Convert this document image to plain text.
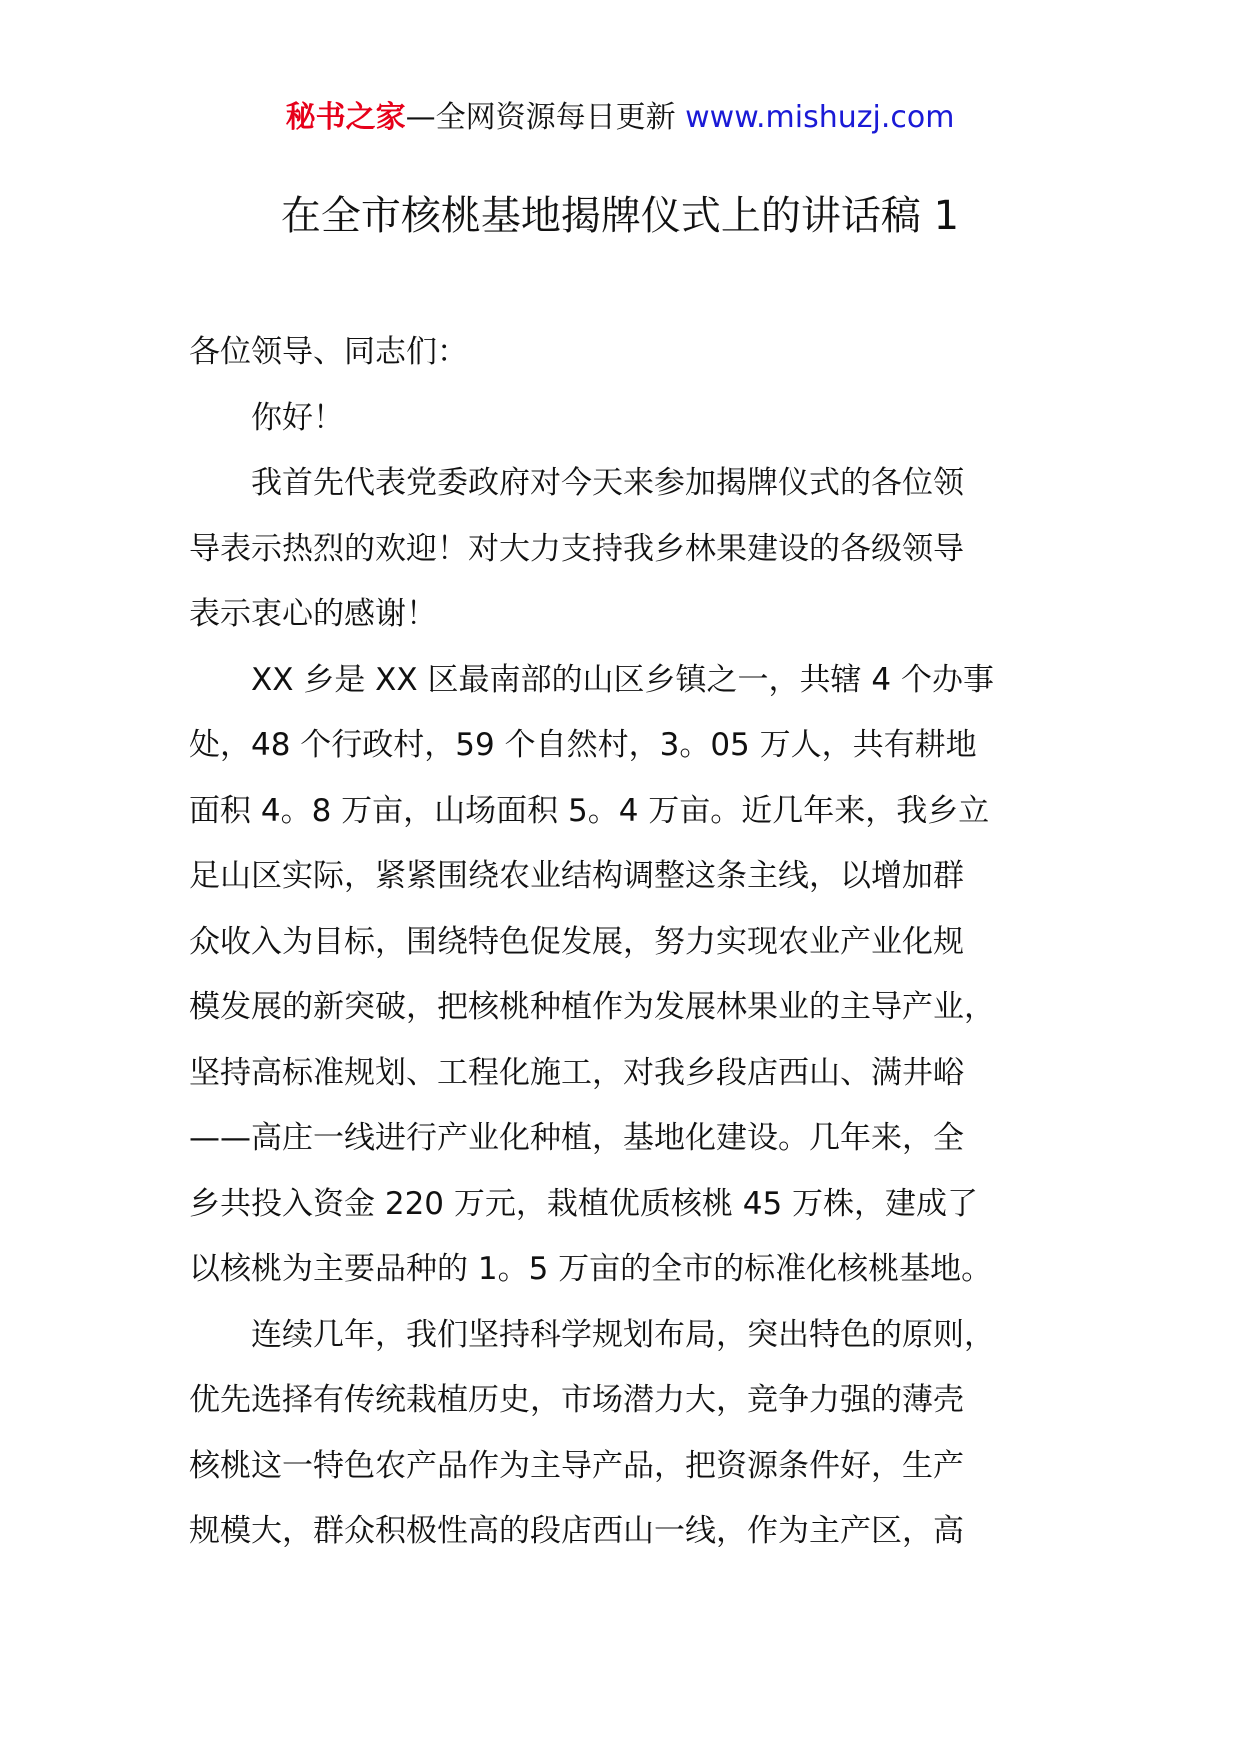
秘书之家—全网资源每日更新 www.mishuzj.com
在全市核桃基地揭牌仪式上的讲话稿 1

各位领导、同志们：

　　你好！

　　我首先代表党委政府对今天来参加揭牌仪式的各位领

导表示热烈的欢迎！对大力支持我乡林果建设的各级领导

表示衷心的感谢！

　　XX 乡是 XX 区最南部的山区乡镇之一，共辖 4 个办事

处，48 个行政村，59 个自然村，3。05 万人，共有耕地

面积 4。8 万亩，山场面积 5。4 万亩。近几年来，我乡立

足山区实际，紧紧围绕农业结构调整这条主线，以增加群

众收入为目标，围绕特色促发展，努力实现农业产业化规

模发展的新突破，把核桃种植作为发展林果业的主导产业，

坚持高标准规划、工程化施工，对我乡段店西山、满井峪

——高庄一线进行产业化种植，基地化建设。几年来，全

乡共投入资金 220 万元，栽植优质核桃 45 万株，建成了

以核桃为主要品种的 1。5 万亩的全市的标准化核桃基地。

　　连续几年，我们坚持科学规划布局，突出特色的原则，

优先选择有传统栽植历史，市场潜力大，竞争力强的薄壳

核桃这一特色农产品作为主导产品，把资源条件好，生产

规模大，群众积极性高的段店西山一线，作为主产区，高
